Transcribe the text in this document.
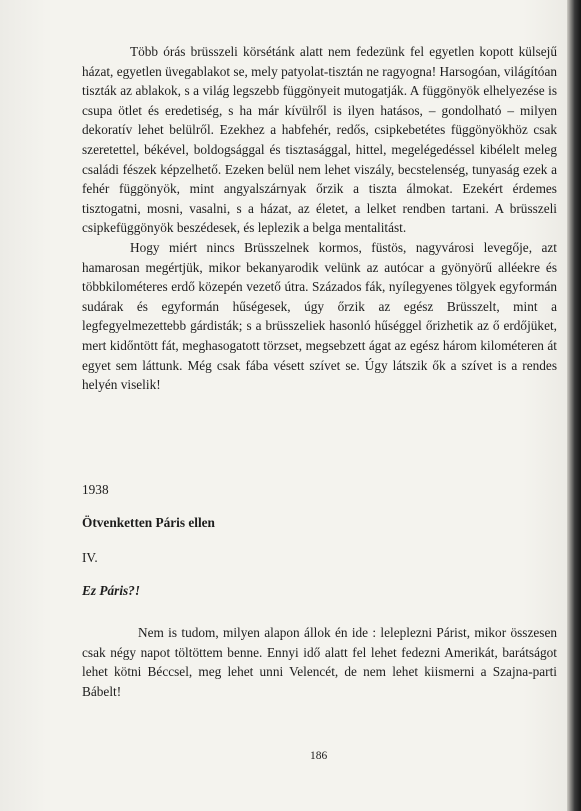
Több órás brüsszeli körsétánk alatt nem fedezünk fel egyetlen kopott külsejű házat, egyetlen üvegablakot se, mely patyolat-tisztán ne ragyogna! Harsogóan, világítóan tiszták az ablakok, s a világ legszebb függönyeit mutogatják. A függönyök elhelyezése is csupa ötlet és eredetiség, s ha már kívülről is ilyen hatásos, – gondolható – milyen dekoratív lehet belülről. Ezekhez a habfehér, redős, csipkebetétes függönyökhöz csak szeretettel, békével, boldogsággal és tisztasággal, hittel, megelégedéssel kibélelt meleg családi fészek képzelhető. Ezeken belül nem lehet viszály, becstelenség, tunyaság ezek a fehér függönyök, mint angyalszárnyak őrzik a tiszta álmokat. Ezekért érdemes tisztogatni, mosni, vasalni, s a házat, az életet, a lelket rendben tartani. A brüsszeli csipkefüggönyök beszédesek, és leplezik a belga mentalitást.

Hogy miért nincs Brüsszelnek kormos, füstös, nagyvárosi levegője, azt hamarosan megértjük, mikor bekanyarodik velünk az autócar a gyönyörű alléekre és többkilométeres erdő közepén vezető útra. Százados fák, nyílegyenes tölgyek egyformán sudárak és egyformán hűségesek, úgy őrzik az egész Brüsszelt, mint a legfegyelmezettebb gárdisták; s a brüsszeliek hasonló hűséggel őrizhetik az ő erdőjüket, mert kidőntött fát, meghasogatott törzset, megsebzett ágat az egész három kilométeren át egyet sem láttunk. Még csak fába vésett szívet se. Úgy látszik ők a szívet is a rendes helyén viselik!

1938
Ötvenketten Páris ellen
IV.
Ez Páris?!

Nem is tudom, milyen alapon állok én ide : leleplezni Párist, mikor összesen csak négy napot töltöttem benne. Ennyi idő alatt fel lehet fedezni Amerikát, barátságot lehet kötni Béccsel, meg lehet unni Velencét, de nem lehet kiismerni a Szajna-parti Bábelt!

186
